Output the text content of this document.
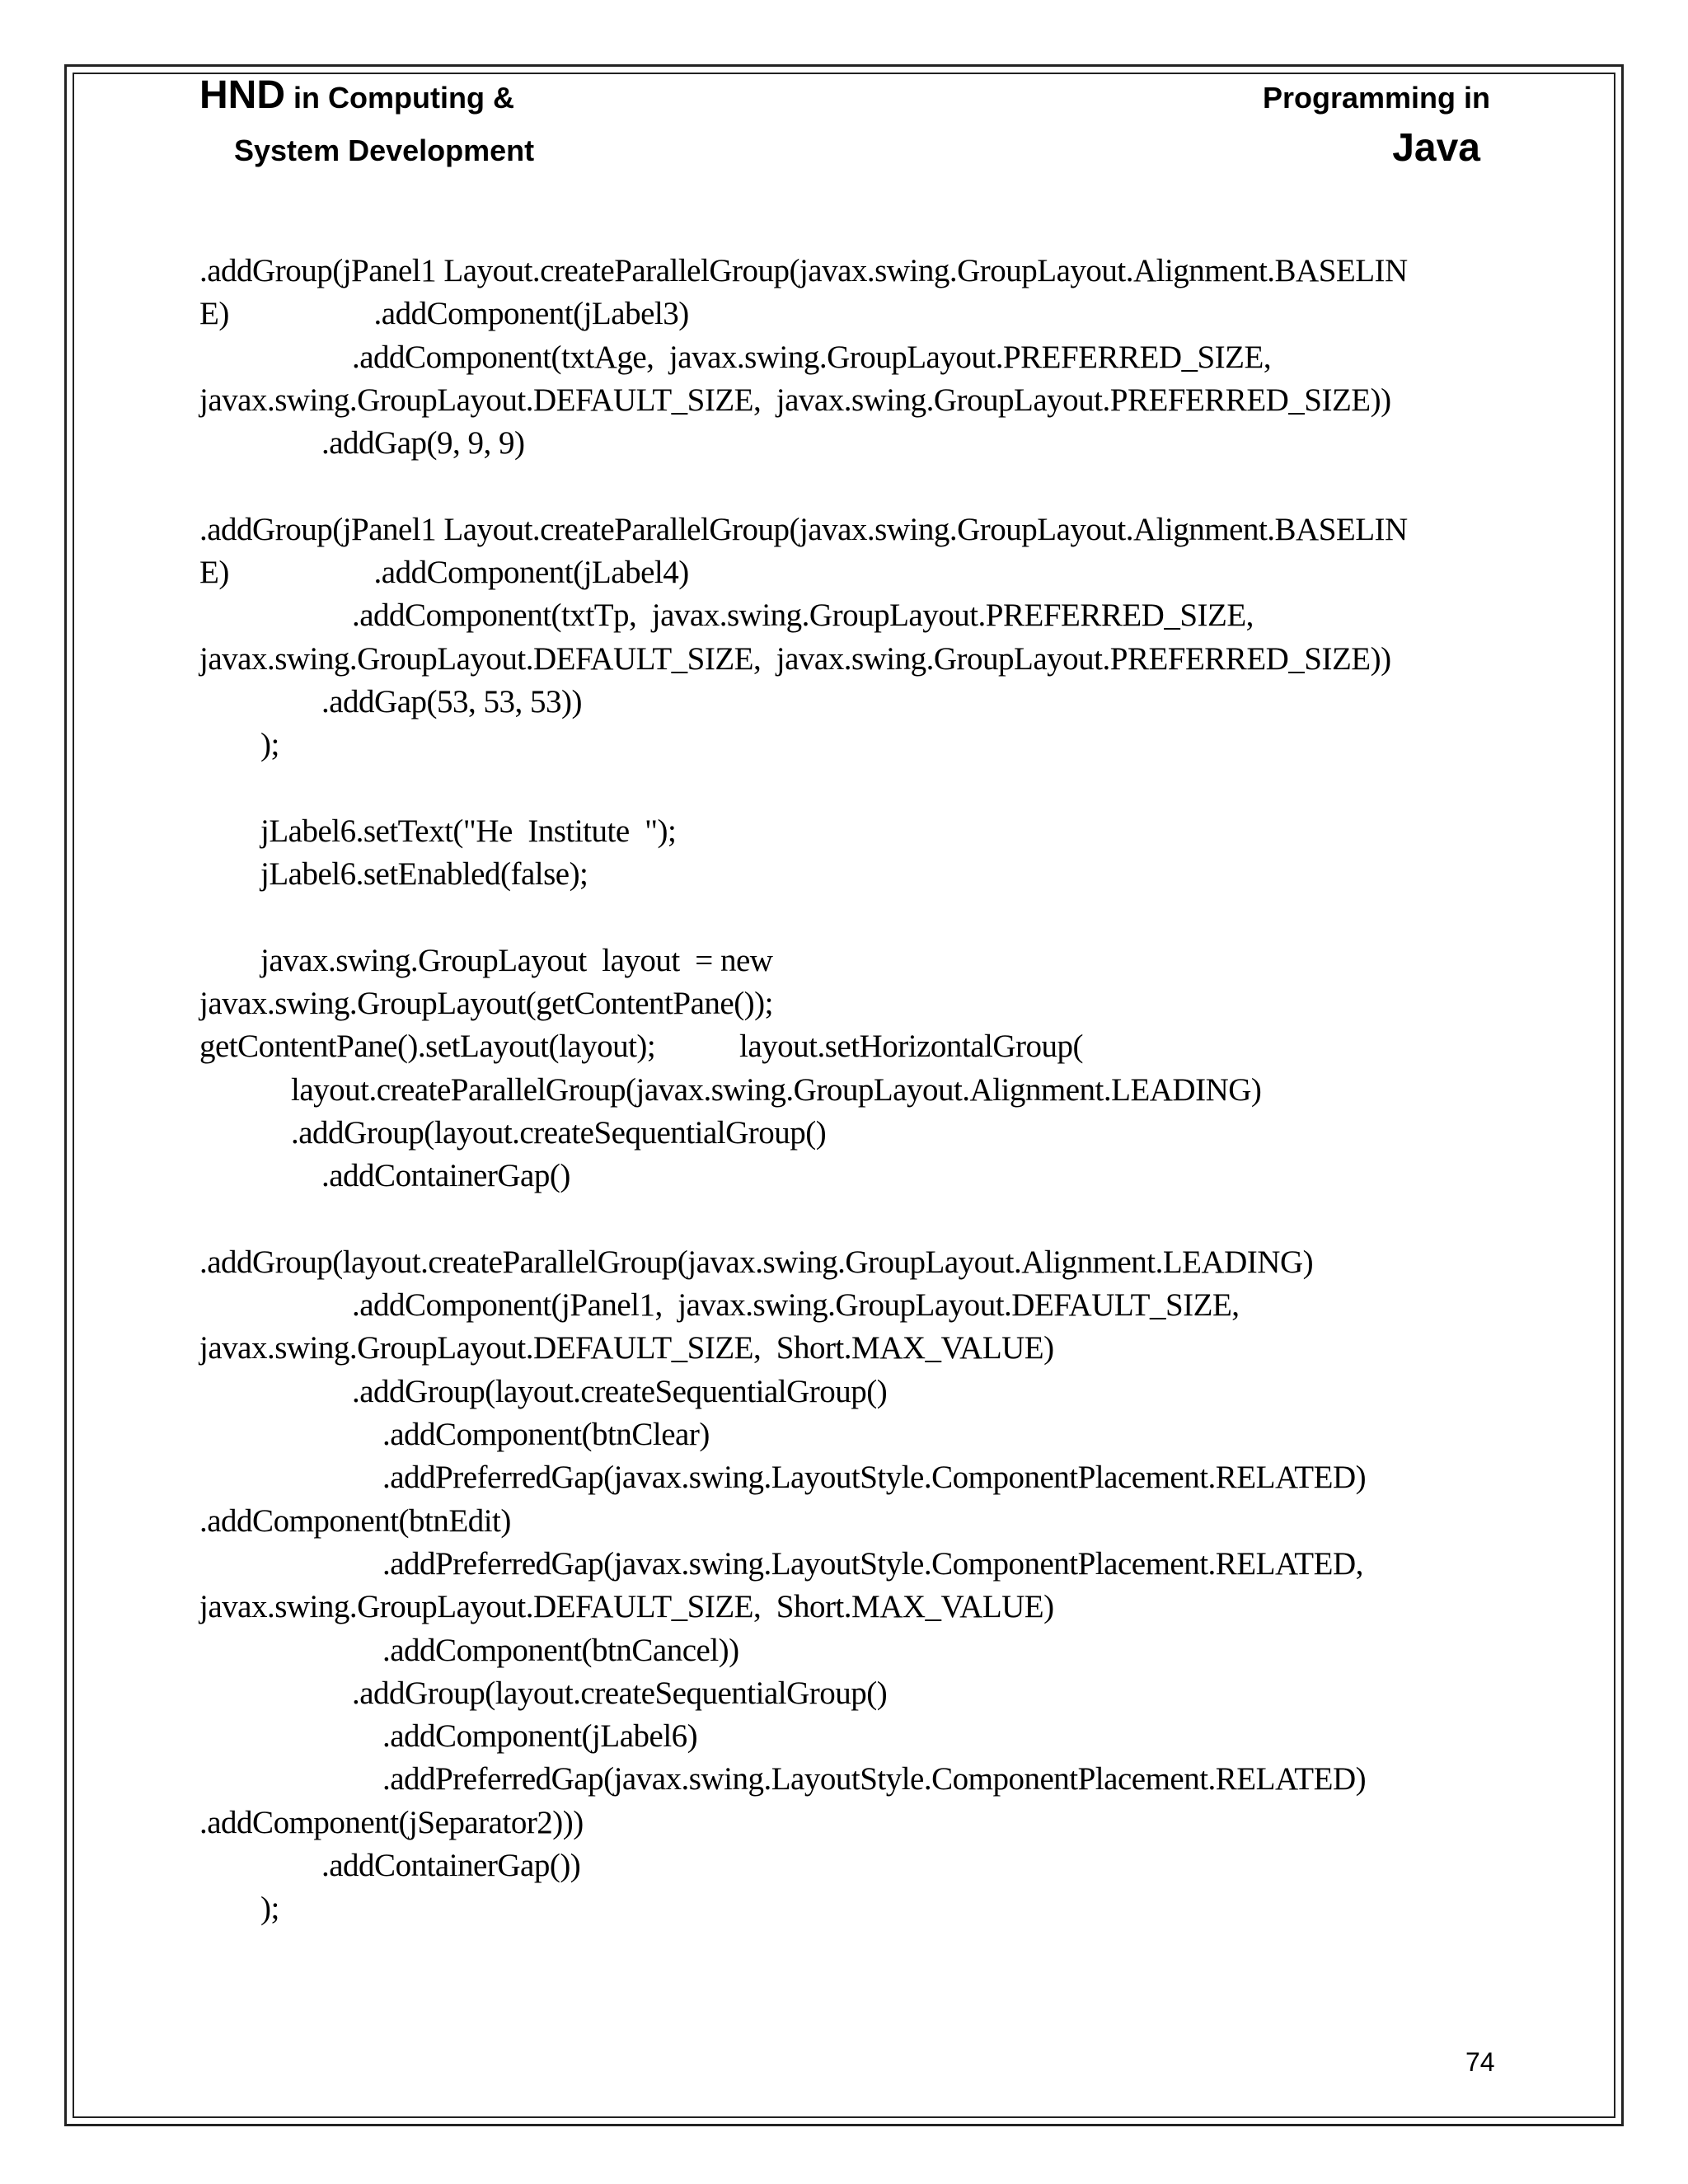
HND in Computing &
System Development
Programming in
Java
.addGroup(jPanel1 Layout.createParallelGroup(javax.swing.GroupLayout.Alignment.BASELIN
E)                   .addComponent(jLabel3)
.addComponent(txtAge,  javax.swing.GroupLayout.PREFERRED_SIZE,
javax.swing.GroupLayout.DEFAULT_SIZE,  javax.swing.GroupLayout.PREFERRED_SIZE))
.addGap(9, 9, 9)
.addGroup(jPanel1 Layout.createParallelGroup(javax.swing.GroupLayout.Alignment.BASELIN
E)                   .addComponent(jLabel4)
.addComponent(txtTp,  javax.swing.GroupLayout.PREFERRED_SIZE,
javax.swing.GroupLayout.DEFAULT_SIZE,  javax.swing.GroupLayout.PREFERRED_SIZE))
.addGap(53, 53, 53))
);
jLabel6.setText("He  Institute  ");
jLabel6.setEnabled(false);
javax.swing.GroupLayout  layout  = new
javax.swing.GroupLayout(getContentPane());
getContentPane().setLayout(layout);           layout.setHorizontalGroup(
layout.createParallelGroup(javax.swing.GroupLayout.Alignment.LEADING)
.addGroup(layout.createSequentialGroup()
.addContainerGap()
.addGroup(layout.createParallelGroup(javax.swing.GroupLayout.Alignment.LEADING)
.addComponent(jPanel1,  javax.swing.GroupLayout.DEFAULT_SIZE,
javax.swing.GroupLayout.DEFAULT_SIZE,  Short.MAX_VALUE)
.addGroup(layout.createSequentialGroup()
.addComponent(btnClear)
.addPreferredGap(javax.swing.LayoutStyle.ComponentPlacement.RELATED)
.addComponent(btnEdit)
.addPreferredGap(javax.swing.LayoutStyle.ComponentPlacement.RELATED,
javax.swing.GroupLayout.DEFAULT_SIZE,  Short.MAX_VALUE)
.addComponent(btnCancel))
.addGroup(layout.createSequentialGroup()
.addComponent(jLabel6)
.addPreferredGap(javax.swing.LayoutStyle.ComponentPlacement.RELATED)
.addComponent(jSeparator2)))
.addContainerGap())
);
74
